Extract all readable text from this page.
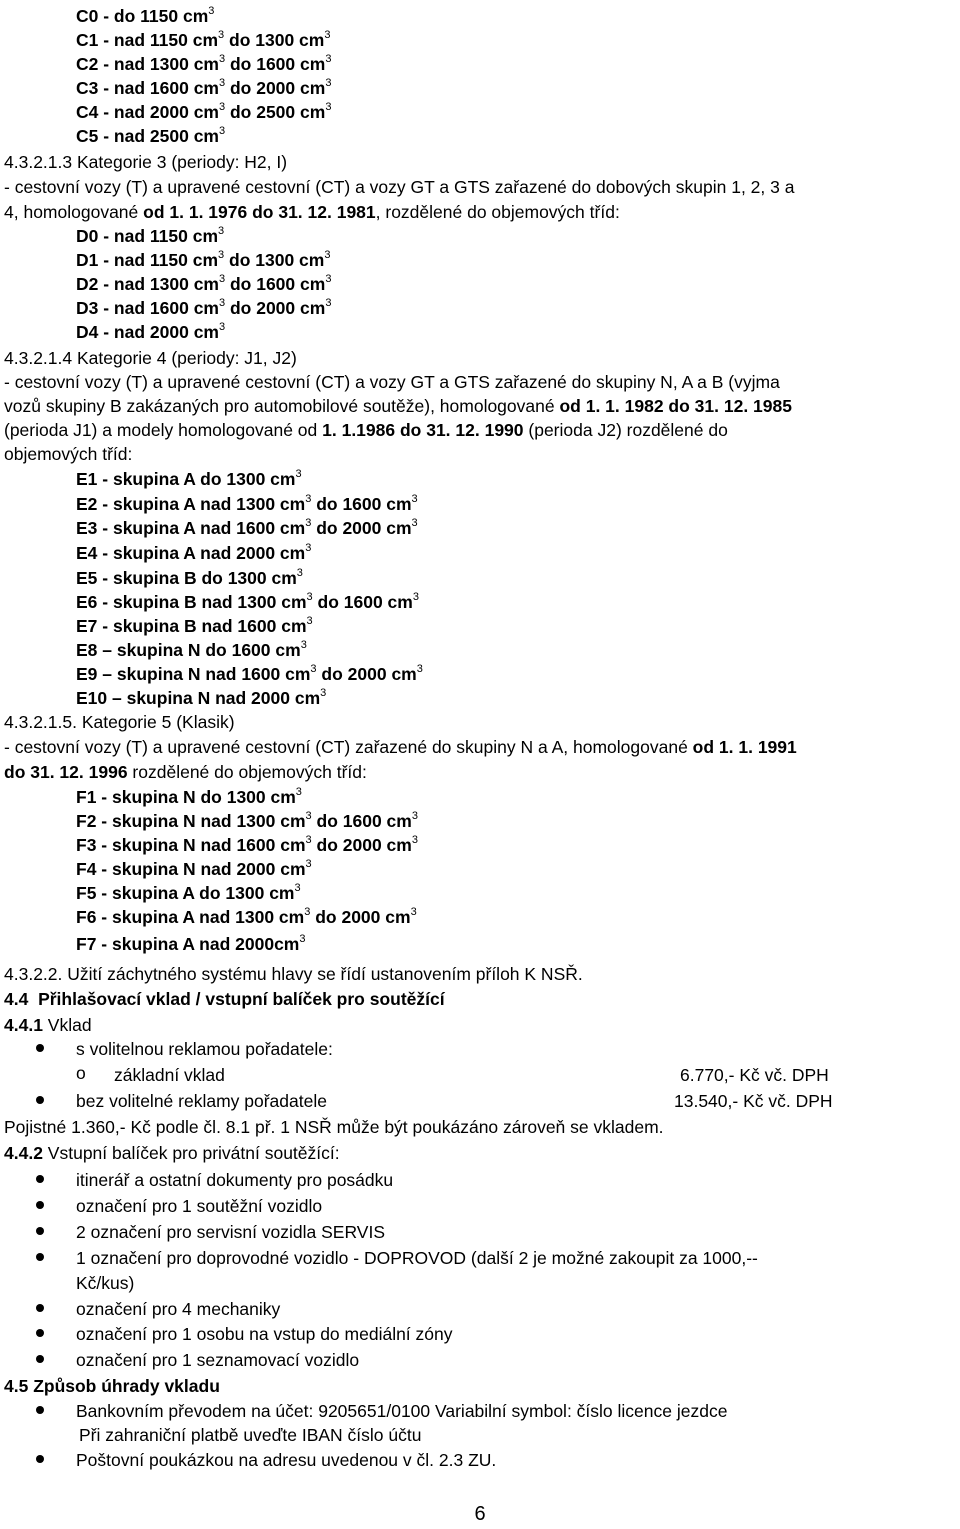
C0 - do 1150 $cm^3$
C1 - nad 1150 $cm^3$ do 1300 $cm^3$
C2 - nad 1300 $cm^3$ do 1600 $cm^3$
C3 - nad 1600 $cm^3$ do 2000 $cm^3$
C4 - nad 2000 $cm^3$ do 2500 $cm^3$
C5 - nad 2500 $cm^3$
4.3.2.1.3 Kategorie 3 (periody: H2, I)
- cestovní vozy (T) a upravené cestovní (CT) a vozy GT a GTS zařazené do dobových skupin 1, 2, 3 a
4, homologované od 1. 1. 1976 do 31. 12. 1981, rozdělené do objemových tříd:
D0 - nad 1150 $cm^3$
D1 - nad 1150 $cm^3$ do 1300 $cm^3$
D2 - nad 1300 $cm^3$ do 1600 $cm^3$
D3 - nad 1600 $cm^3$ do 2000 $cm^3$
D4 - nad 2000 $cm^3$
4.3.2.1.4 Kategorie 4 (periody: J1, J2)
- cestovní vozy (T) a upravené cestovní (CT) a vozy GT a GTS zařazené do skupiny N, A a B (vyjma
vozů skupiny B zakázaných pro automobilové soutěže), homologované od 1. 1. 1982 do 31. 12. 1985
(perioda J1) a modely homologované od 1. 1.1986 do 31. 12. 1990 (perioda J2) rozdělené do
objemových tříd:
E1 - skupina A do 1300 $cm^3$
E2 - skupina A nad 1300 $cm^3$ do 1600 $cm^3$
E3 - skupina A nad 1600 $cm^3$ do 2000 $cm^3$
E4 - skupina A nad 2000 $cm^3$
E5 - skupina B do 1300 $cm^3$
E6 - skupina B nad 1300 $cm^3$ do 1600 $cm^3$
E7 - skupina B nad 1600 $cm^3$
E8 – skupina N do 1600 $cm^3$
E9 – skupina N nad 1600 $cm^3$ do 2000 $cm^3$
E10 – skupina N nad 2000 $cm^3$
4.3.2.1.5. Kategorie 5 (Klasik)
- cestovní vozy (T) a upravené cestovní (CT) zařazené do skupiny N a A, homologované od 1. 1. 1991
do 31. 12. 1996 rozdělené do objemových tříd:
F1 - skupina N do 1300 $cm^3$
F2 - skupina N nad 1300 $cm^3$ do 1600 $cm^3$
F3 - skupina N nad 1600 $cm^3$ do 2000 $cm^3$
F4 - skupina N nad 2000 $cm^3$
F5 - skupina A do 1300 $cm^3$
F6 - skupina A nad 1300 $cm^3$ do 2000 $cm^3$
F7 - skupina A nad $2000cm^3$
4.3.2.2. Užití záchytného systému hlavy se řídí ustanovením příloh K NSŘ.
4.4 Přihlašovací vklad / vstupní balíček pro soutěžící
4.4.1 Vklad
s volitelnou reklamou pořadatele:
o základní vklad	6.770,- Kč vč. DPH
bez volitelné reklamy pořadatele	13.540,- Kč vč. DPH
Pojistné 1.360,- Kč podle čl. 8.1 př. 1 NSŘ může být poukázáno zároveň se vkladem.
4.4.2 Vstupní balíček pro privátní soutěžící:
itinerář a ostatní dokumenty pro posádku
označení pro 1 soutěžní vozidlo
2 označení pro servisní vozidla SERVIS
1 označení pro doprovodné vozidlo - DOPROVOD (další 2 je možné zakoupit za 1000,--
Kč/kus)
označení pro 4 mechaniky
označení pro 1 osobu na vstup do mediální zóny
označení pro 1 seznamovací vozidlo
4.5 Způsob úhrady vkladu
Bankovním převodem na účet: 9205651/0100 Variabilní symbol: číslo licence jezdce
Při zahraniční platbě uveďte IBAN číslo účtu
Poštovní poukázkou na adresu uvedenou v čl. 2.3 ZU.
6
